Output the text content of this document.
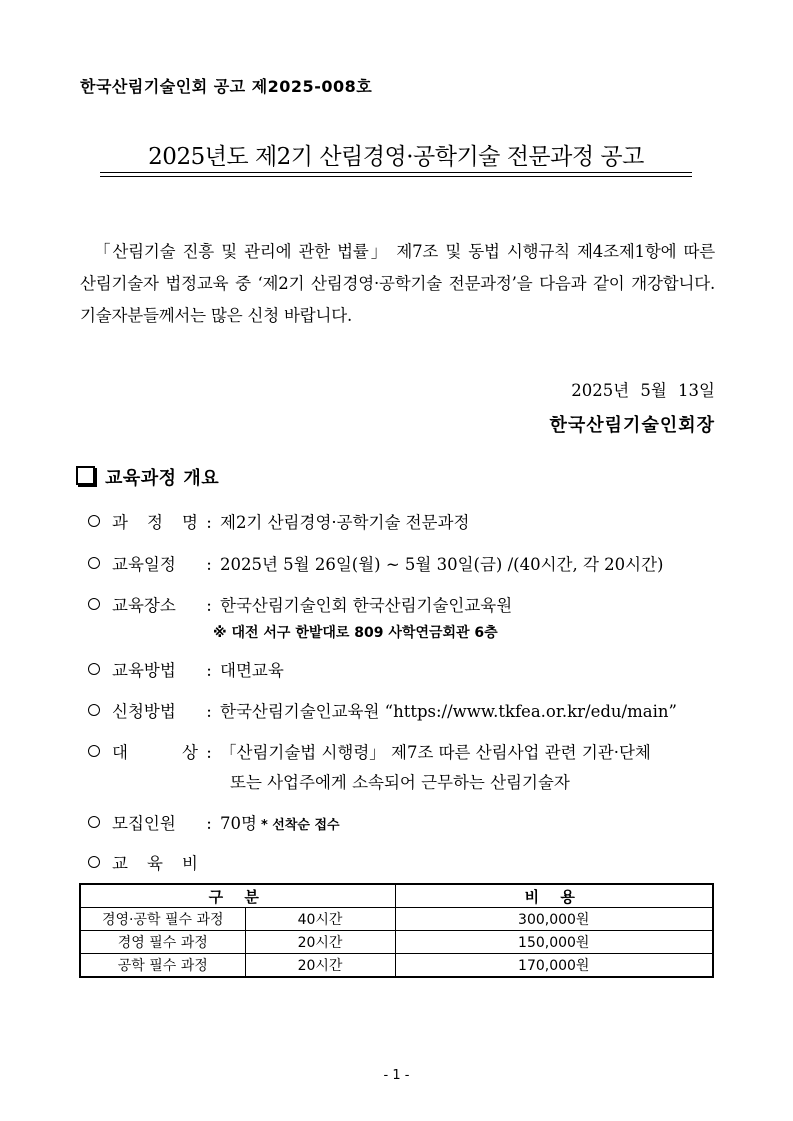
한국산림기술인회 공고 제2025-008호
2025년도 제2기 산림경영·공학기술 전문과정 공고
「산림기술 진흥 및 관리에 관한 법률」 제7조 및 동법 시행규칙 제4조제1항에 따른 산림기술자 법정교육 중 ‘제2기 산림경영·공학기술 전문과정’을 다음과 같이 개강합니다. 기술자분들께서는 많은 신청 바랍니다.
2025년 5월 13일
한국산림기술인회장
교육과정 개요
과 정 명 : 제2기 산림경영·공학기술 전문과정
교육일정 : 2025년 5월 26일(월) ~ 5월 30일(금) /(40시간, 각 20시간)
교육장소 : 한국산림기술인회 한국산림기술인교육원
※ 대전 서구 한밭대로 809 사학연금회관 6층
교육방법 : 대면교육
신청방법 : 한국산림기술인교육원 “https://www.tkfea.or.kr/edu/main”
대 상 : 「산림기술법 시행령」 제7조 따른 산림사업 관련 기관·단체
또는 사업주에게 소속되어 근무하는 산림기술자
모집인원 : 70명 * 선착순 접수
교 육 비
구 분		비 용
경영·공학 필수 과정	40시간	300,000원
경영 필수 과정	20시간	150,000원
공학 필수 과정	20시간	170,000원
- 1 -
